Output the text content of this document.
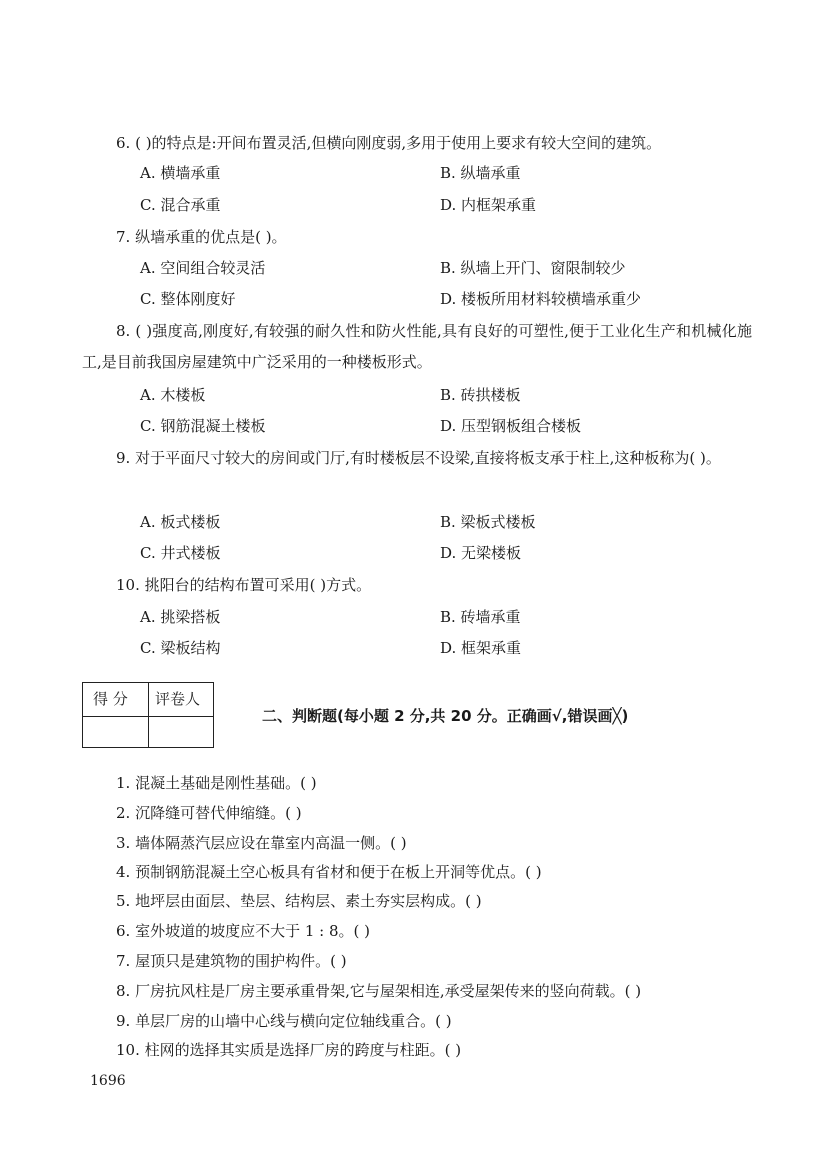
6. ( )的特点是:开间布置灵活,但横向刚度弱,多用于使用上要求有较大空间的建筑。
A. 横墙承重	B. 纵墙承重
C. 混合承重	D. 内框架承重
7. 纵墙承重的优点是( )。
A. 空间组合较灵活	B. 纵墙上开门、窗限制较少
C. 整体刚度好	D. 楼板所用材料较横墙承重少
8. ( )强度高,刚度好,有较强的耐久性和防火性能,具有良好的可塑性,便于工业化生产和机械化施工,是目前我国房屋建筑中广泛采用的一种楼板形式。
A. 木楼板	B. 砖拱楼板
C. 钢筋混凝土楼板	D. 压型钢板组合楼板
9. 对于平面尺寸较大的房间或门厅,有时楼板层不设梁,直接将板支承于柱上,这种板称为( )。
A. 板式楼板	B. 梁板式楼板
C. 井式楼板	D. 无梁楼板
10. 挑阳台的结构布置可采用( )方式。
A. 挑梁搭板	B. 砖墙承重
C. 梁板结构	D. 框架承重
得 分 评卷人
二、判断题(每小题 2 分,共 20 分。正确画√,错误画╳)
1. 混凝土基础是刚性基础。( )
2. 沉降缝可替代伸缩缝。( )
3. 墙体隔蒸汽层应设在靠室内高温一侧。( )
4. 预制钢筋混凝土空心板具有省材和便于在板上开洞等优点。( )
5. 地坪层由面层、垫层、结构层、素土夯实层构成。( )
6. 室外坡道的坡度应不大于 1 : 8。( )
7. 屋顶只是建筑物的围护构件。( )
8. 厂房抗风柱是厂房主要承重骨架,它与屋架相连,承受屋架传来的竖向荷载。( )
9. 单层厂房的山墙中心线与横向定位轴线重合。( )
10. 柱网的选择其实质是选择厂房的跨度与柱距。( )
1696
